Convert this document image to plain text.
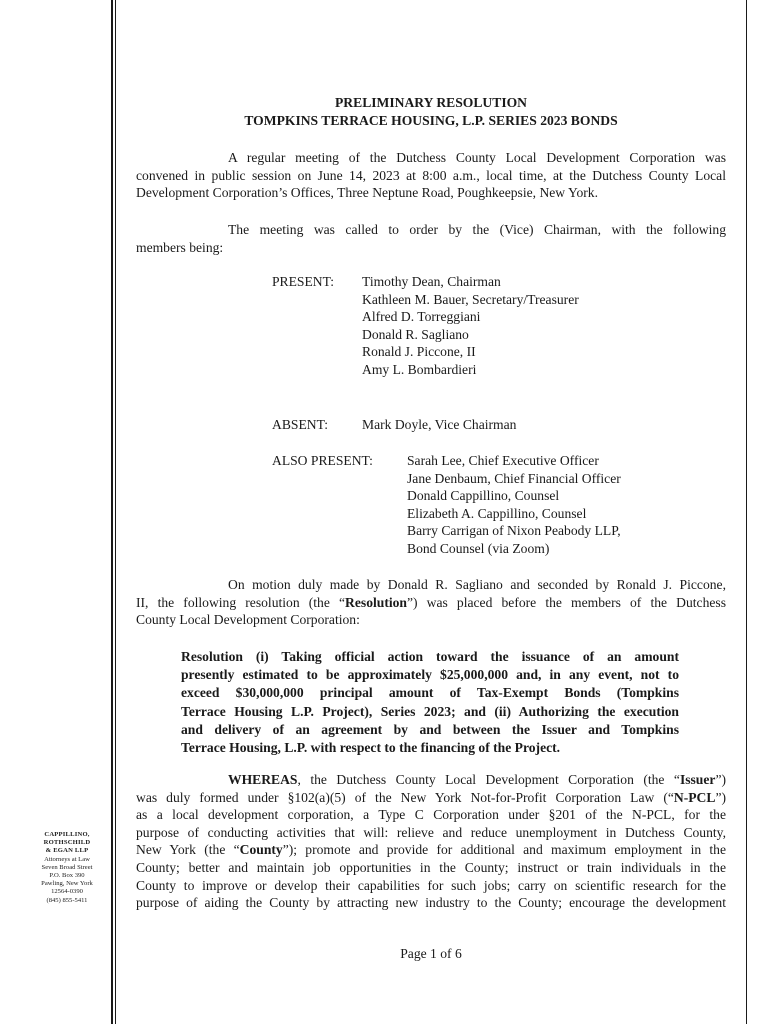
PRELIMINARY RESOLUTION
TOMPKINS TERRACE HOUSING, L.P. SERIES 2023 BONDS
A regular meeting of the Dutchess County Local Development Corporation was
convened in public session on June 14, 2023 at 8:00 a.m., local time, at the Dutchess County Local
Development Corporation’s Offices, Three Neptune Road, Poughkeepsie, New York.
The meeting was called to order by the (Vice) Chairman, with the following
members being:
PRESENT: Timothy Dean, Chairman
Kathleen M. Bauer, Secretary/Treasurer
Alfred D. Torreggiani
Donald R. Sagliano
Ronald J. Piccone, II
Amy L. Bombardieri
ABSENT:	Mark Doyle, Vice Chairman
ALSO PRESENT:	Sarah Lee, Chief Executive Officer
Jane Denbaum, Chief Financial Officer
Donald Cappillino, Counsel
Elizabeth A. Cappillino, Counsel
Barry Carrigan of Nixon Peabody LLP,
Bond Counsel (via Zoom)
On motion duly made by Donald R. Sagliano and seconded by Ronald J. Piccone,
II, the following resolution (the “Resolution”) was placed before the members of the Dutchess
County Local Development Corporation:
Resolution (i) Taking official action toward the issuance of an amount
presently estimated to be approximately $25,000,000 and, in any event, not to
exceed $30,000,000 principal amount of Tax-Exempt Bonds (Tompkins
Terrace Housing L.P. Project), Series 2023; and (ii) Authorizing the execution
and delivery of an agreement by and between the Issuer and Tompkins
Terrace Housing, L.P. with respect to the financing of the Project.
WHEREAS, the Dutchess County Local Development Corporation (the “Issuer”)
was duly formed under §102(a)(5) of the New York Not-for-Profit Corporation Law (“N-PCL”)
as a local development corporation, a Type C Corporation under §201 of the N-PCL, for the
purpose of conducting activities that will: relieve and reduce unemployment in Dutchess County,
New York (the “County”); promote and provide for additional and maximum employment in the
County; better and maintain job opportunities in the County; instruct or train individuals in the
County to improve or develop their capabilities for such jobs; carry on scientific research for the
purpose of aiding the County by attracting new industry to the County; encourage the development
CAPPILLINO,
ROTHSCHILD
& EGAN LLP
Attorneys at Law
Seven Broad Street
P.O. Box 390
Pawling, New York
12564-0390
(845) 855-5411
Page 1 of 6
